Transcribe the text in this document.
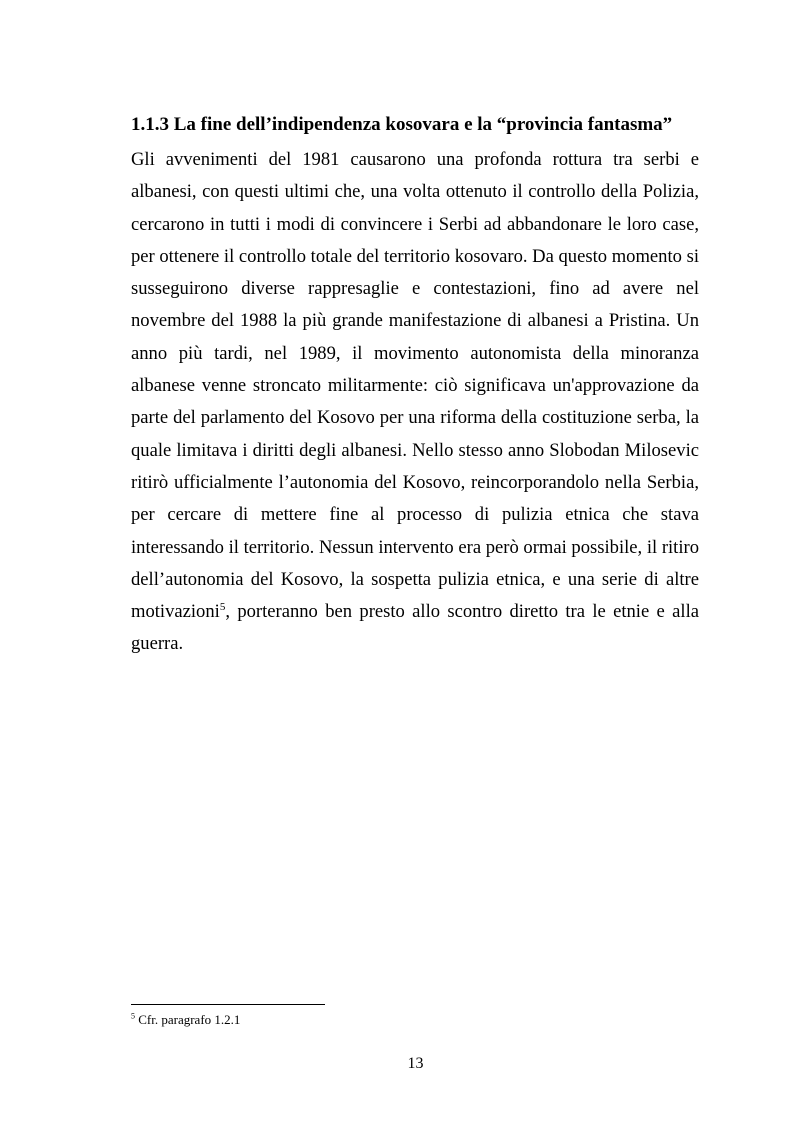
1.1.3 La fine dell’indipendenza kosovara e la “provincia fantasma”

Gli avvenimenti del 1981 causarono una profonda rottura tra serbi e albanesi, con questi ultimi che, una volta ottenuto il controllo della Polizia, cercarono in tutti i modi di convincere i Serbi ad abbandonare le loro case, per ottenere il controllo totale del territorio kosovaro. Da questo momento si susseguirono diverse rappresaglie e contestazioni, fino ad avere nel novembre del 1988 la più grande manifestazione di albanesi a Pristina. Un anno più tardi, nel 1989, il movimento autonomista della minoranza albanese venne stroncato militarmente: ciò significava un'approvazione da parte del parlamento del Kosovo per una riforma della costituzione serba, la quale limitava i diritti degli albanesi. Nello stesso anno Slobodan Milosevic ritirò ufficialmente l’autonomia del Kosovo, reincorporandolo nella Serbia, per cercare di mettere fine al processo di pulizia etnica che stava interessando il territorio. Nessun intervento era però ormai possibile, il ritiro dell’autonomia del Kosovo, la sospetta pulizia etnica, e una serie di altre motivazioni$^5$, porteranno ben presto allo scontro diretto tra le etnie e alla guerra.

$^5$ Cfr. paragrafo 1.2.1

13
